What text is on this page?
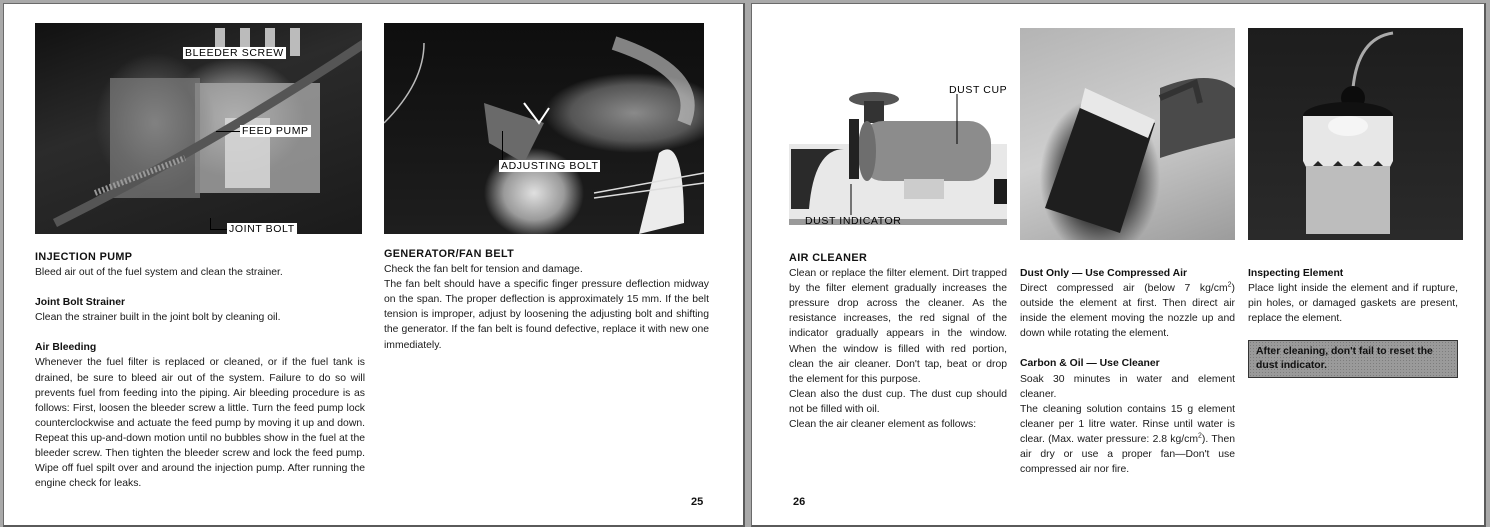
BLEEDER SCREW
FEED PUMP
JOINT BOLT
ADJUSTING BOLT
INJECTION PUMP

Bleed air out of the fuel system and clean the strainer.

Joint Bolt Strainer

Clean the strainer built in the joint bolt by cleaning oil.

Air Bleeding

Whenever the fuel filter is replaced or cleaned, or if the fuel tank is drained, be sure to bleed air out of the system. Failure to do so will prevents fuel from feeding into the piping. Air bleeding procedure is as follows: First, loosen the bleeder screw a little. Turn the feed pump lock counterclockwise and actuate the feed pump by moving it up and down. Repeat this up-and-down motion until no bubbles show in the fuel at the bleeder screw. Then tighten the bleeder screw and lock the feed pump. Wipe off fuel spilt over and around the injection pump. After running the engine check for leaks.

GENERATOR/FAN BELT

Check the fan belt for tension and damage.

The fan belt should have a specific finger pressure deflection midway on the span. The proper deflection is approximately 15 mm. If the belt tension is improper, adjust by loosening the adjusting bolt and shifting the generator. If the fan belt is found defective, replace it with new one immediately.

25
DUST CUP
DUST INDICATOR
AIR CLEANER

Clean or replace the filter element. Dirt trapped by the filter element gradually increases the pressure drop across the cleaner. As the resistance increases, the red signal of the indicator gradually appears in the window. When the window is filled with red portion, clean the air cleaner. Don't tap, beat or drop the element for this purpose.

Clean also the dust cup. The dust cup should not be filled with oil.

Clean the air cleaner element as follows:

Dust Only — Use Compressed Air

Direct compressed air (below 7 $kg/cm^2$) outside the element at first. Then direct air inside the element moving the nozzle up and down while rotating the element.

Carbon & Oil — Use Cleaner

Soak 30 minutes in water and element cleaner.

The cleaning solution contains 15 g element cleaner per 1 litre water. Rinse until water is clear. (Max. water pressure: 2.8 $kg/cm^2$). Then air dry or use a proper fan—Don't use compressed air nor fire.

Inspecting Element

Place light inside the element and if rupture, pin holes, or damaged gaskets are present, replace the element.

After cleaning, don't fail to reset the dust indicator.
26
